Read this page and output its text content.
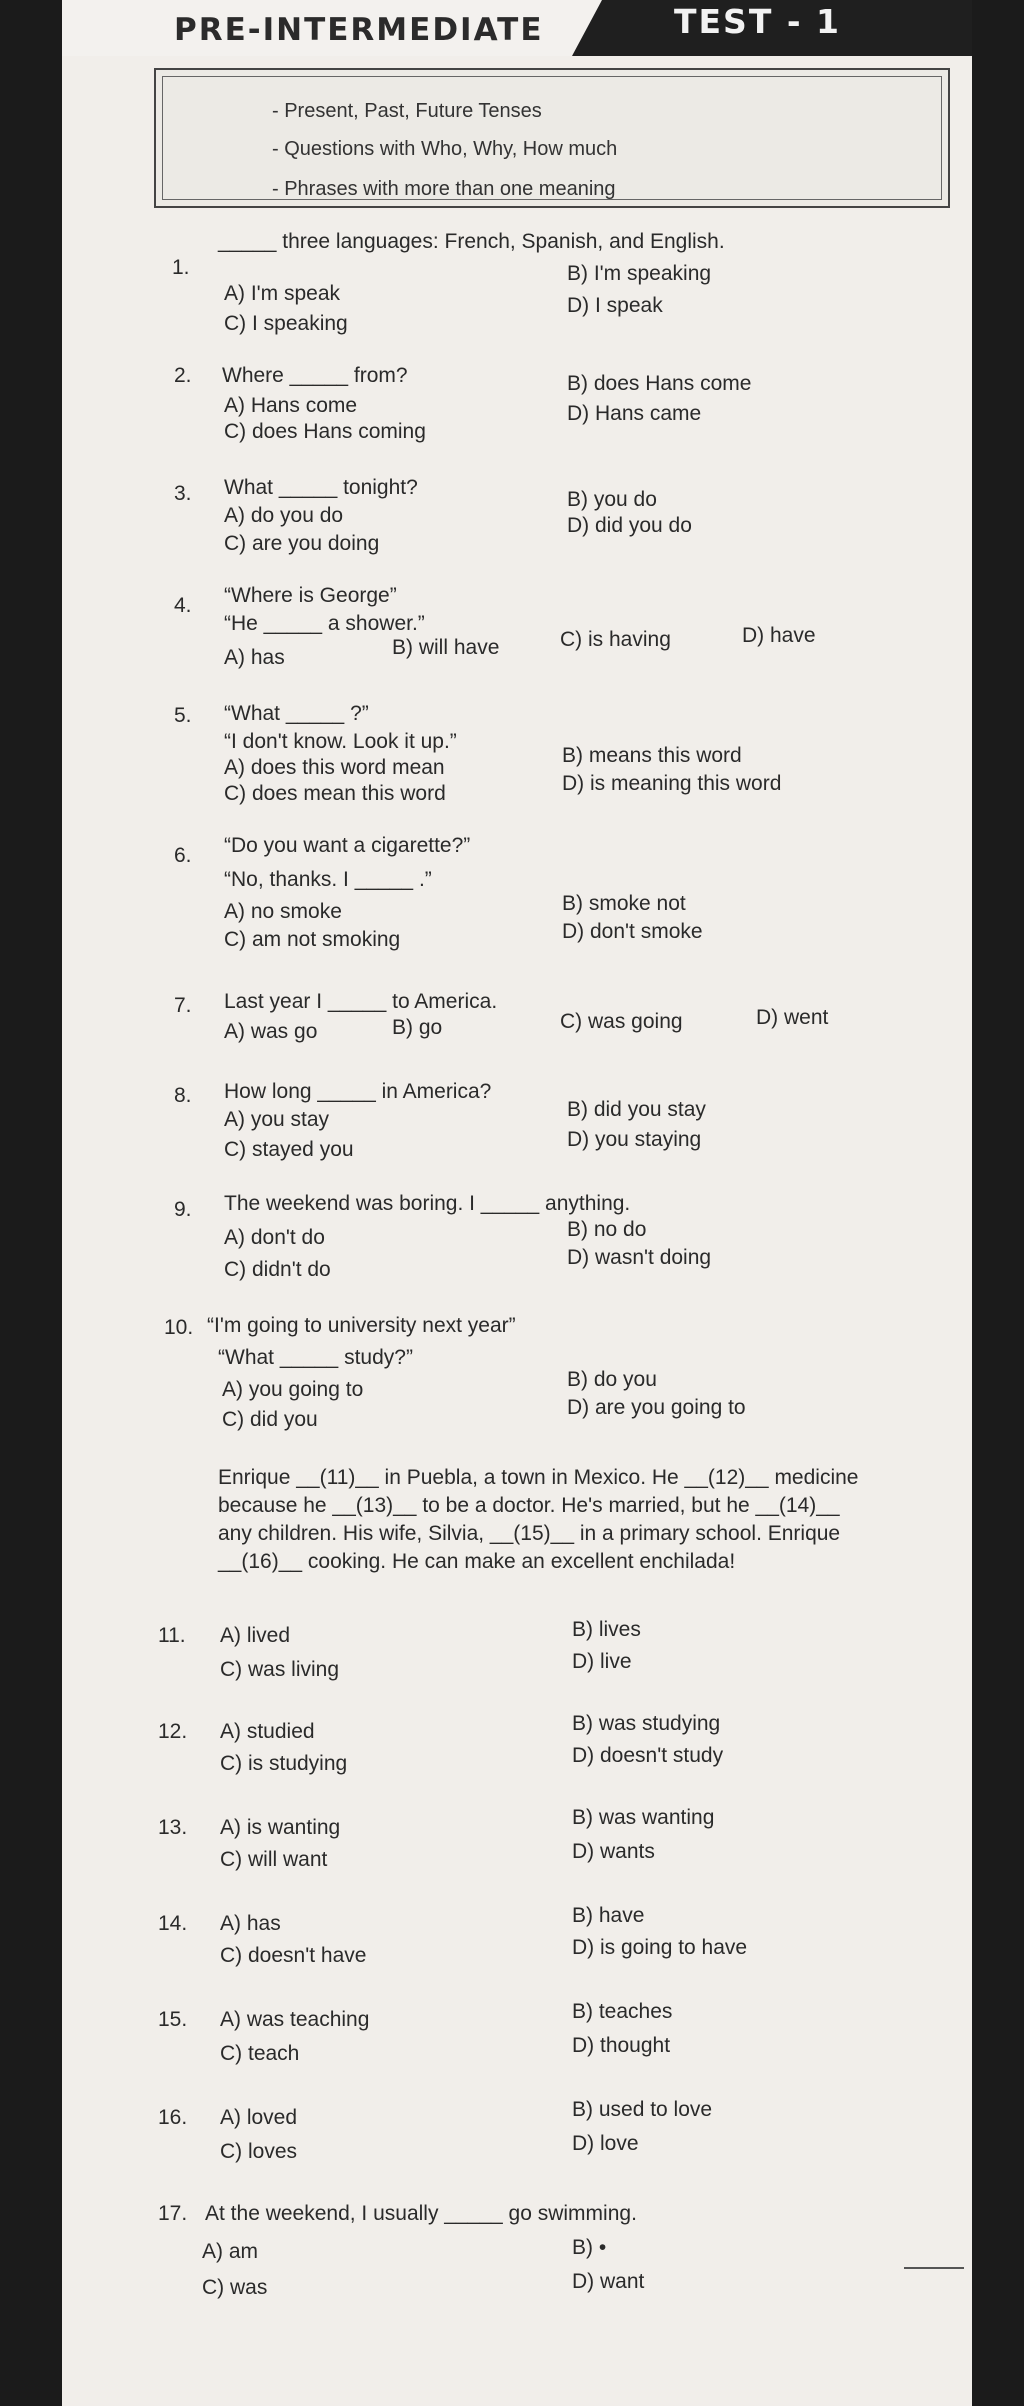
PRE-INTERMEDIATE	TEST - 1
- Present, Past, Future Tenses
- Questions with Who, Why, How much
- Phrases with more than one meaning
1.
_____ three languages: French, Spanish, and English.
A) I'm speak
B) I'm speaking
C) I speaking
D) I speak
2. Where _____ from?
A) Hans come
B) does Hans come
C) does Hans coming
D) Hans came
3. What _____ tonight?
A) do you do
B) you do
C) are you doing
D) did you do
4. “Where is George”
“He _____ a shower.”
A) has	B) will have	C) is having	D) have
5. “What _____ ?”
“I don't know. Look it up.”
A) does this word mean
B) means this word
C) does mean this word	D) is meaning this word
6. “Do you want a cigarette?”
“No, thanks. I _____ .”
A) no smoke	B) smoke not
C) am not smoking	D) don't smoke
7. Last year I _____ to America.
A) was go	B) go	C) was going	D) went
8. How long _____ in America?
A) you stay	B) did you stay
C) stayed you	D) you staying
9. The weekend was boring. I _____ anything.
A) don't do	B) no do
C) didn't do
D) wasn't doing
10. “I'm going to university next year”
“What _____ study?”
A) you going to	B) do you
C) did you
D) are you going to
Enrique __(11)__ in Puebla, a town in Mexico. He __(12)__ medicine
because he __(13)__ to be a doctor. He's married, but he __(14)__
any children. His wife, Silvia, __(15)__ in a primary school. Enrique
__(16)__ cooking. He can make an excellent enchilada!
11. A) lived	B) lives
C) was living	D) live
12. A) studied	B) was studying
C) is studying	D) doesn't study
13. A) is wanting	B) was wanting
C) will want	D) wants
14. A) has	B) have
C) doesn't have	D) is going to have
15. A) was teaching	B) teaches
C) teach	D) thought
16. A) loved	B) used to love
C) loves	D) love
17. At the weekend, I usually _____ go swimming.
A) am	B) •
C) was	D) want
